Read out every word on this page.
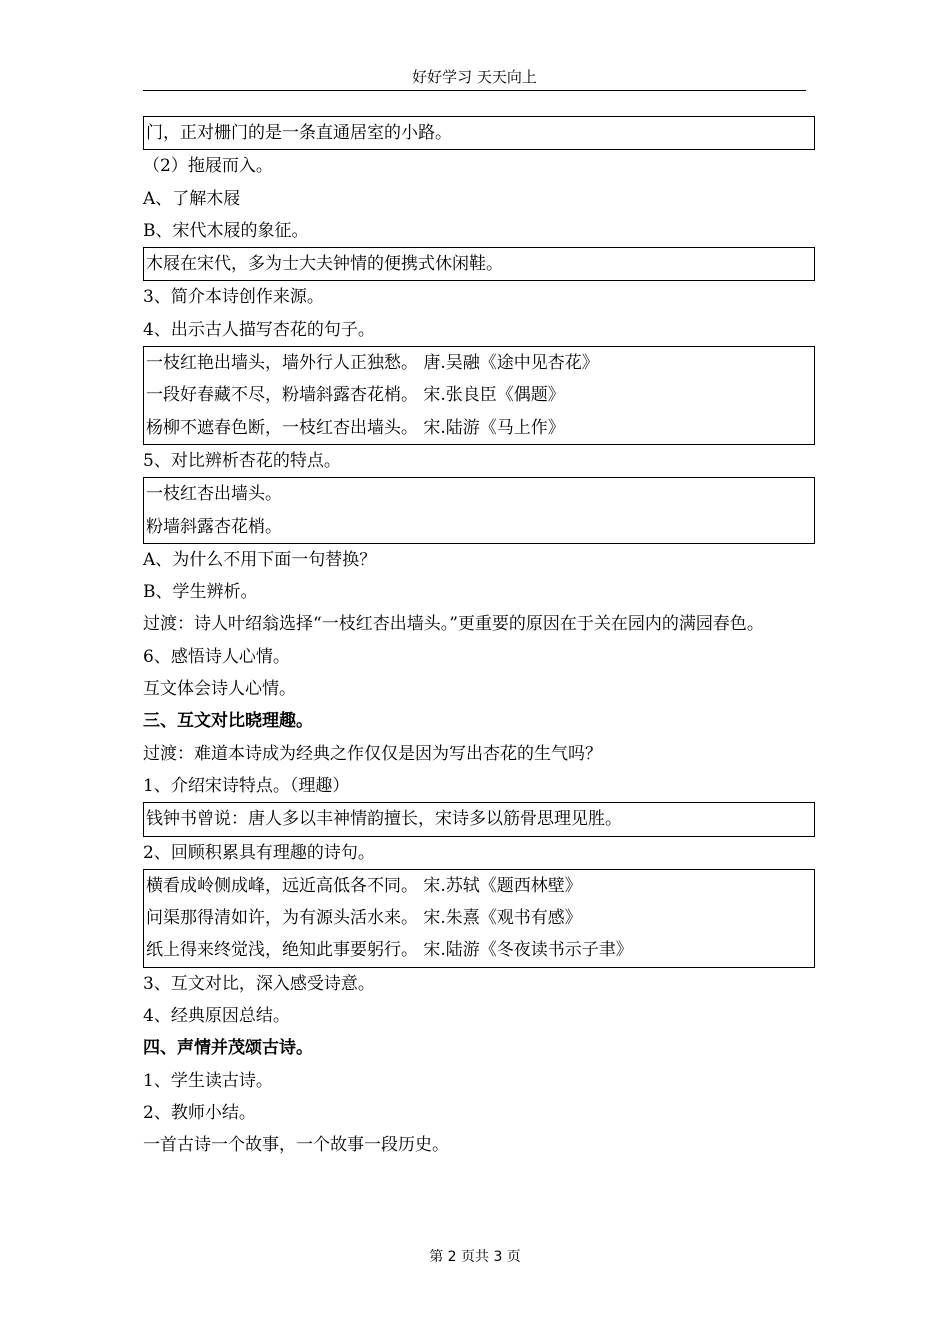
好好学习 天天向上
门，正对栅门的是一条直通居室的小路。
（2）拖屐而入。
A、了解木屐
B、宋代木屐的象征。
木屐在宋代，多为士大夫钟情的便携式休闲鞋。
3、简介本诗创作来源。
4、出示古人描写杏花的句子。
一枝红艳出墙头，墙外行人正独愁。 唐.吴融《途中见杏花》
一段好春藏不尽，粉墙斜露杏花梢。 宋.张良臣《偶题》
杨柳不遮春色断，一枝红杏出墙头。 宋.陆游《马上作》
5、对比辨析杏花的特点。
一枝红杏出墙头。
粉墙斜露杏花梢。
A、为什么不用下面一句替换？
B、学生辨析。
过渡：诗人叶绍翁选择“一枝红杏出墙头。”更重要的原因在于关在园内的满园春色。
6、感悟诗人心情。
互文体会诗人心情。
三、互文对比晓理趣。
过渡：难道本诗成为经典之作仅仅是因为写出杏花的生气吗？
1、介绍宋诗特点。（理趣）
钱钟书曾说：唐人多以丰神情韵擅长，宋诗多以筋骨思理见胜。
2、回顾积累具有理趣的诗句。
横看成岭侧成峰，远近高低各不同。 宋.苏轼《题西林壁》
问渠那得清如许，为有源头活水来。 宋.朱熹《观书有感》
纸上得来终觉浅，绝知此事要躬行。 宋.陆游《冬夜读书示子聿》
3、互文对比，深入感受诗意。
4、经典原因总结。
四、声情并茂颂古诗。
1、学生读古诗。
2、教师小结。
一首古诗一个故事，一个故事一段历史。
第 2 页共 3 页
